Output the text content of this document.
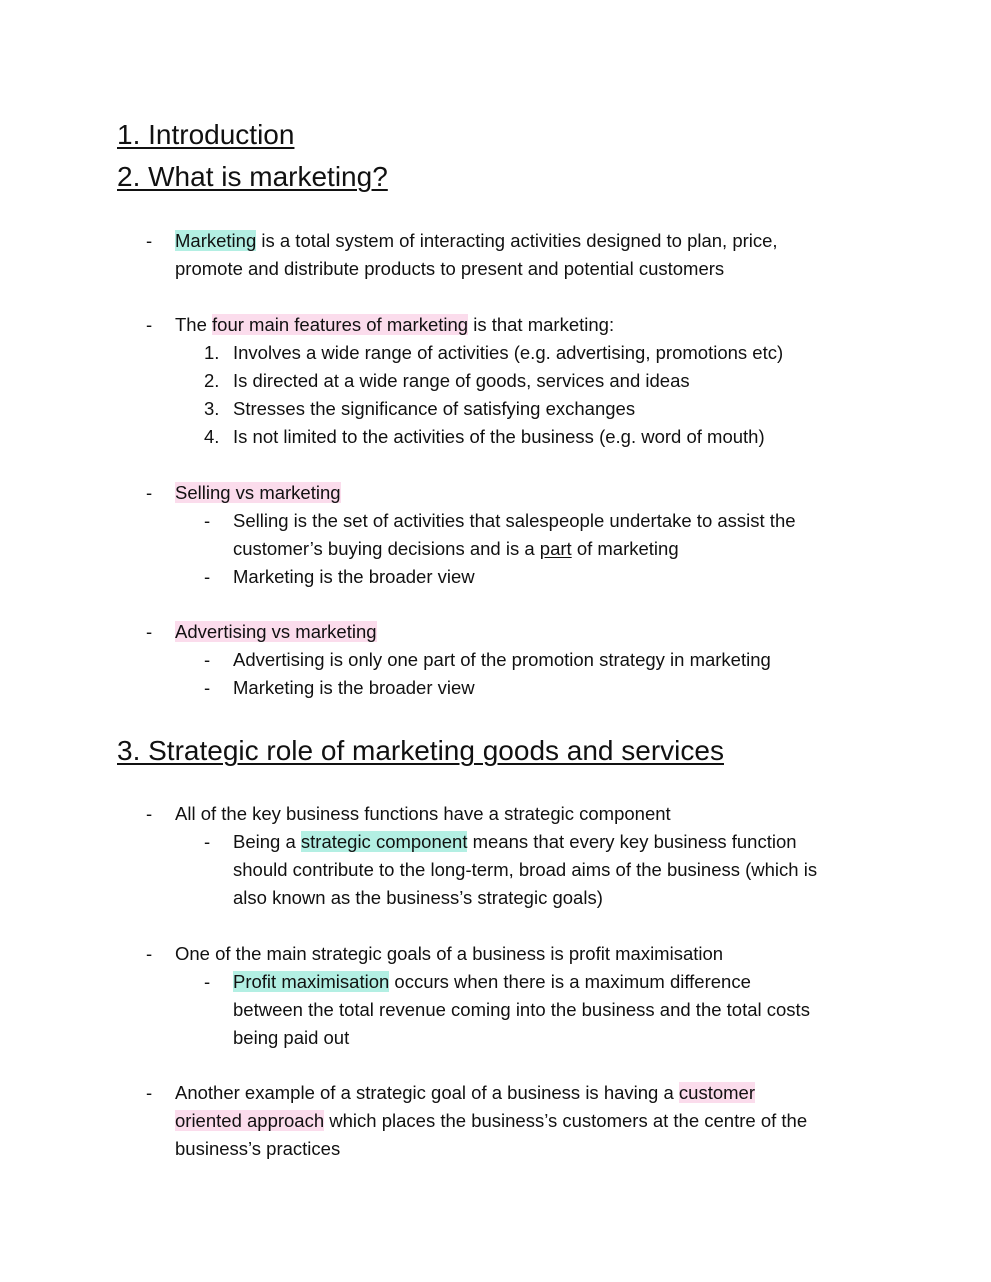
1. Introduction
2. What is marketing?
- Marketing is a total system of interacting activities designed to plan, price,
promote and distribute products to present and potential customers
- The four main features of marketing is that marketing:
1. Involves a wide range of activities (e.g. advertising, promotions etc)
2. Is directed at a wide range of goods, services and ideas
3. Stresses the significance of satisfying exchanges
4. Is not limited to the activities of the business (e.g. word of mouth)
- Selling vs marketing
- Selling is the set of activities that salespeople undertake to assist the
customer’s buying decisions and is a part of marketing
- Marketing is the broader view
- Advertising vs marketing
- Advertising is only one part of the promotion strategy in marketing
- Marketing is the broader view
3. Strategic role of marketing goods and services
- All of the key business functions have a strategic component
- Being a strategic component means that every key business function
should contribute to the long-term, broad aims of the business (which is
also known as the business’s strategic goals)
- One of the main strategic goals of a business is profit maximisation
- Profit maximisation occurs when there is a maximum difference
between the total revenue coming into the business and the total costs
being paid out
- Another example of a strategic goal of a business is having a customer
oriented approach which places the business’s customers at the centre of the
business’s practices
